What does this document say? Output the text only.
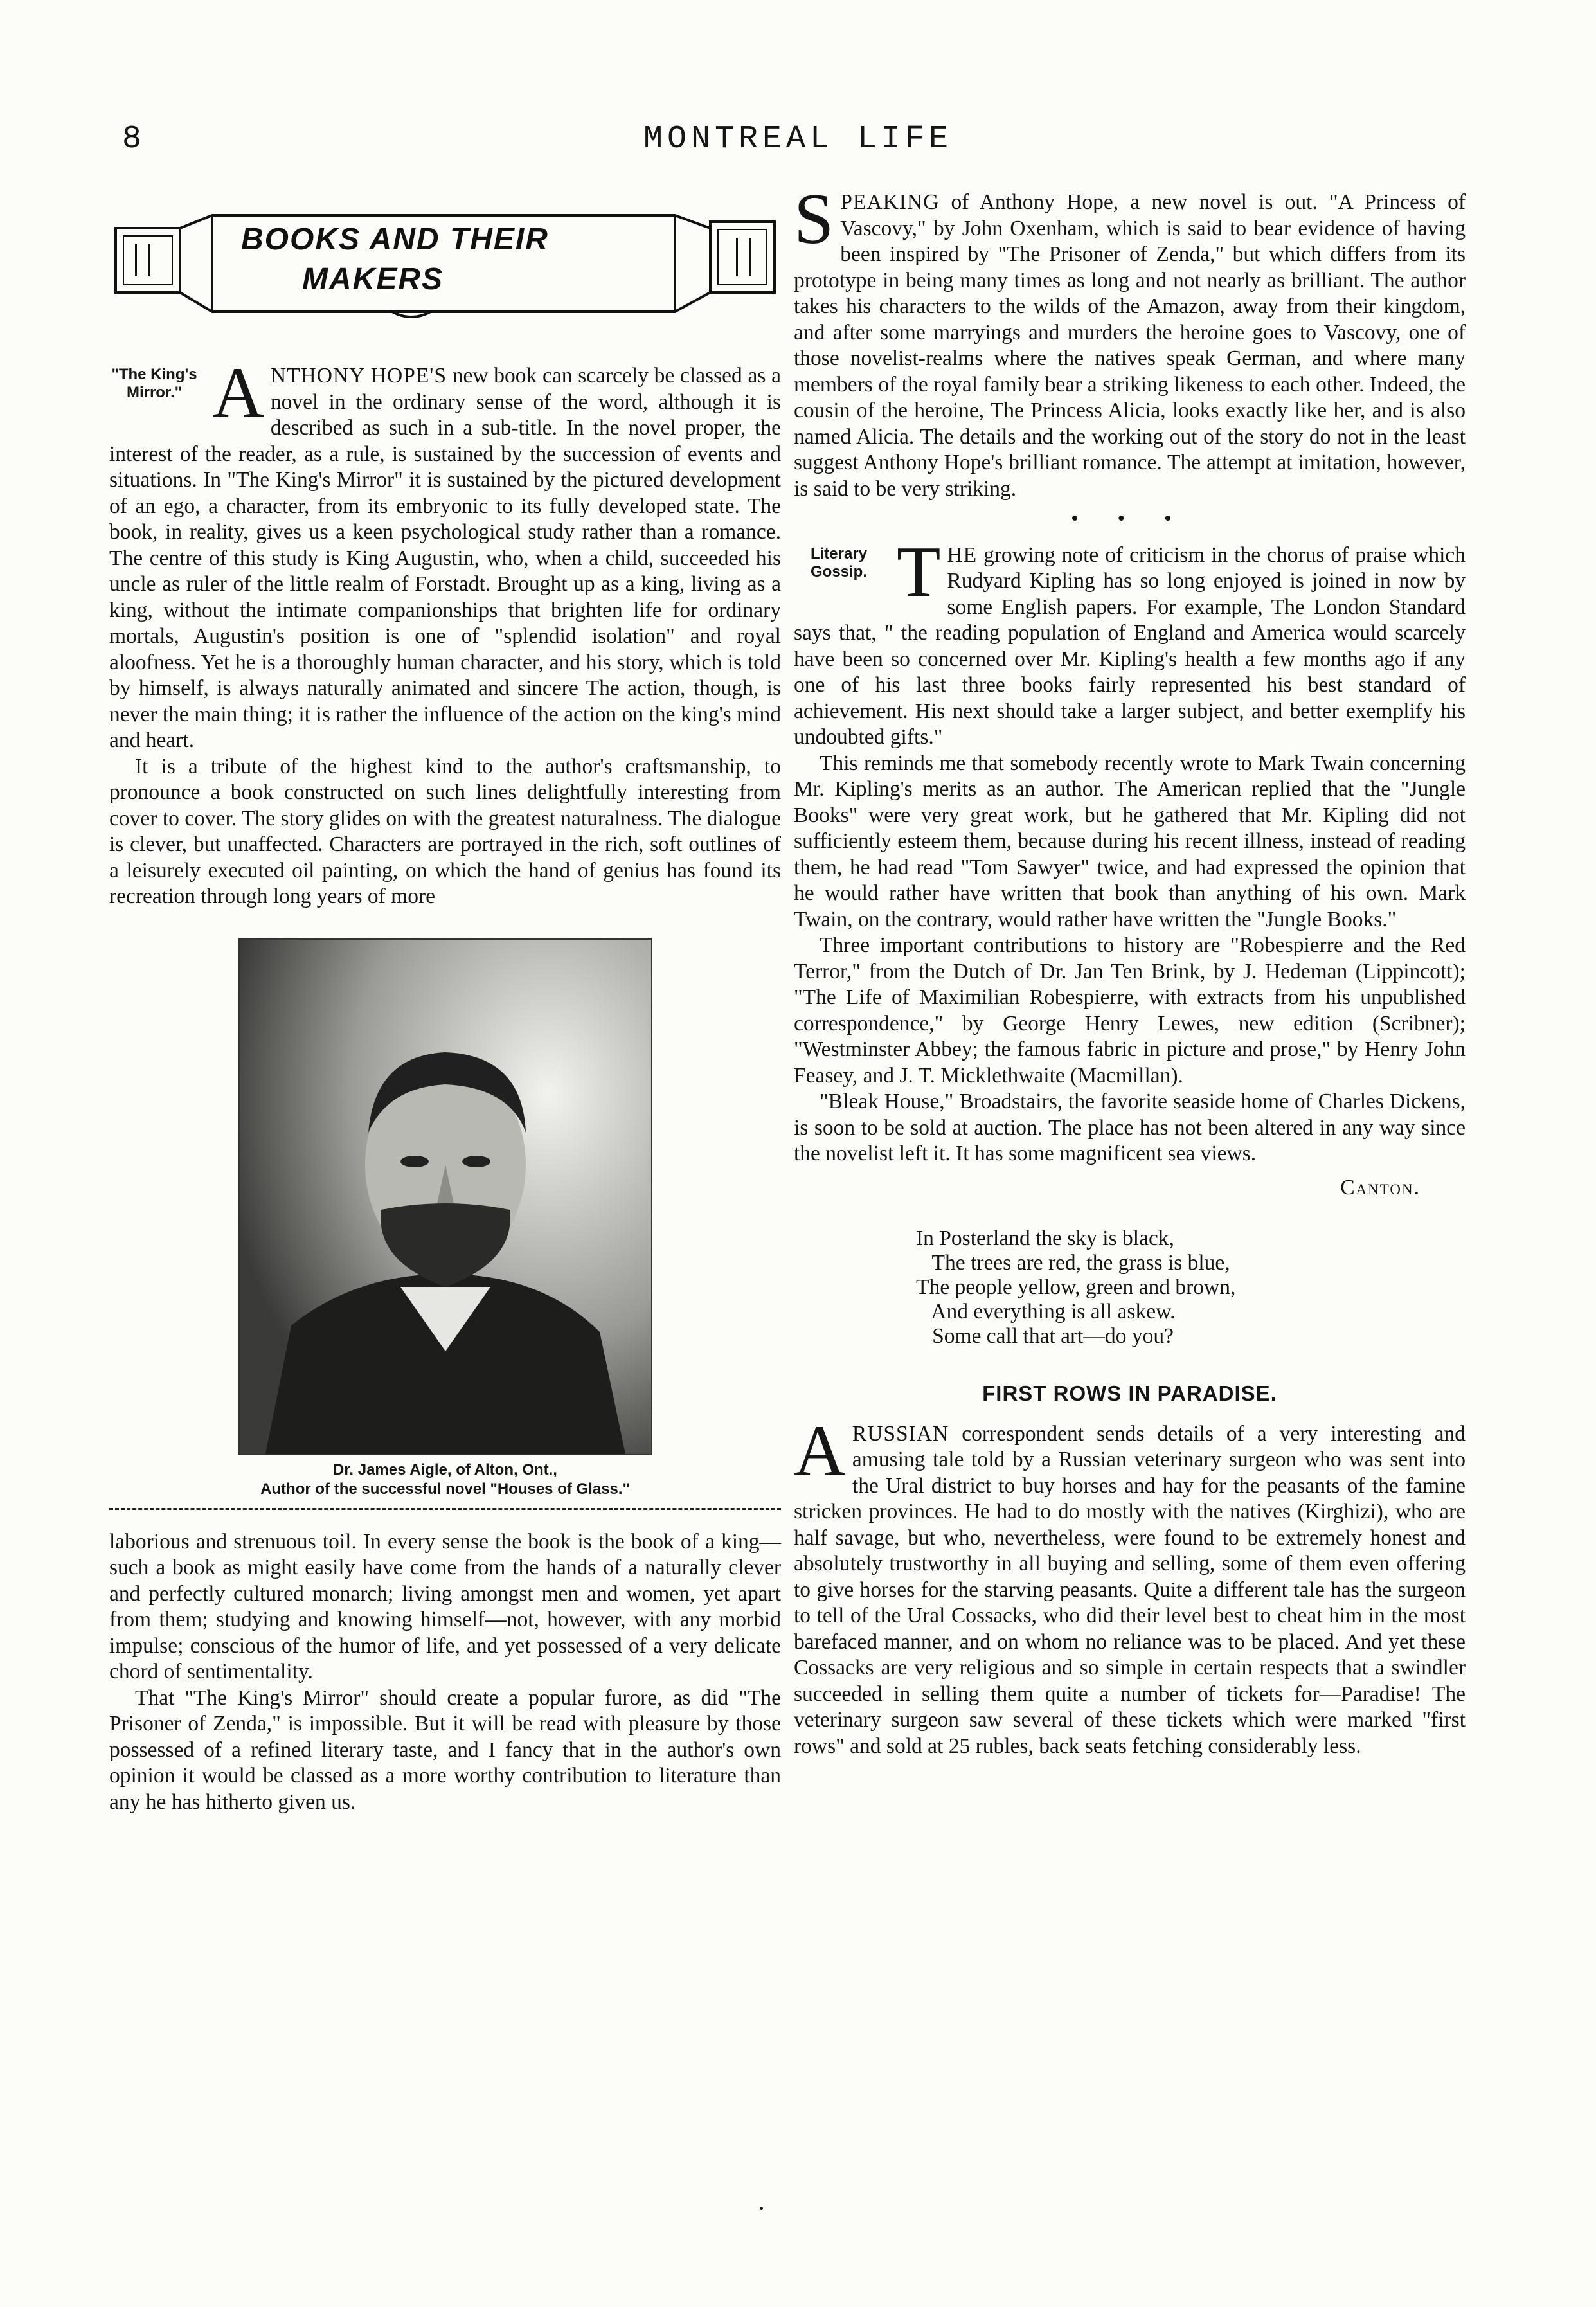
8	MONTREAL LIFE
BOOKS AND THEIR
MAKERS

"The King's Mirror." A NTHONY HOPE'S new book can scarcely be classed as a novel in the ordinary sense of the word, although it is described as such in a sub-title. In the novel proper, the interest of the reader, as a rule, is sustained by the succession of events and situations. In "The King's Mirror" it is sustained by the pictured development of an ego, a character, from its embryonic to its fully developed state. The book, in reality, gives us a keen psychological study rather than a romance. The centre of this study is King Augustin, who, when a child, succeeded his uncle as ruler of the little realm of Forstadt. Brought up as a king, living as a king, without the intimate companionships that brighten life for ordinary mortals, Augustin's position is one of "splendid isolation" and royal aloofness. Yet he is a thoroughly human character, and his story, which is told by himself, is always naturally animated and sincere The action, though, is never the main thing; it is rather the influence of the action on the king's mind and heart.

It is a tribute of the highest kind to the author's craftsmanship, to pronounce a book constructed on such lines delightfully interesting from cover to cover. The story glides on with the greatest naturalness. The dialogue is clever, but unaffected. Characters are portrayed in the rich, soft outlines of a leisurely executed oil painting, on which the hand of genius has found its recreation through long years of more

Dr. James Aigle, of Alton, Ont.,
Author of the successful novel "Houses of Glass."

laborious and strenuous toil. In every sense the book is the book of a king—such a book as might easily have come from the hands of a naturally clever and perfectly cultured monarch; living amongst men and women, yet apart from them; studying and knowing himself—not, however, with any morbid impulse; conscious of the humor of life, and yet possessed of a very delicate chord of sentimentality.

That "The King's Mirror" should create a popular furore, as did "The Prisoner of Zenda," is impossible. But it will be read with pleasure by those possessed of a refined literary taste, and I fancy that in the author's own opinion it would be classed as a more worthy contribution to literature than any he has hitherto given us.

SPEAKING of Anthony Hope, a new novel is out. "A Princess of Vascovy," by John Oxenham, which is said to bear evidence of having been inspired by "The Prisoner of Zenda," but which differs from its prototype in being many times as long and not nearly as brilliant. The author takes his characters to the wilds of the Amazon, away from their kingdom, and after some marryings and murders the heroine goes to Vascovy, one of those novelist-realms where the natives speak German, and where many members of the royal family bear a striking likeness to each other. Indeed, the cousin of the heroine, The Princess Alicia, looks exactly like her, and is also named Alicia. The details and the working out of the story do not in the least suggest Anthony Hope's brilliant romance. The attempt at imitation, however, is said to be very striking.

• • •

Literary Gossip. T HE growing note of criticism in the chorus of praise which Rudyard Kipling has so long enjoyed is joined in now by some English papers. For example, The London Standard says that, " the reading population of England and America would scarcely have been so concerned over Mr. Kipling's health a few months ago if any one of his last three books fairly represented his best standard of achievement. His next should take a larger subject, and better exemplify his undoubted gifts."

This reminds me that somebody recently wrote to Mark Twain concerning Mr. Kipling's merits as an author. The American replied that the "Jungle Books" were very great work, but he gathered that Mr. Kipling did not sufficiently esteem them, because during his recent illness, instead of reading them, he had read "Tom Sawyer" twice, and had expressed the opinion that he would rather have written that book than anything of his own. Mark Twain, on the contrary, would rather have written the "Jungle Books."

Three important contributions to history are "Robespierre and the Red Terror," from the Dutch of Dr. Jan Ten Brink, by J. Hedeman (Lippincott); "The Life of Maximilian Robespierre, with extracts from his unpublished correspondence," by George Henry Lewes, new edition (Scribner); "Westminster Abbey; the famous fabric in picture and prose," by Henry John Feasey, and J. T. Micklethwaite (Macmillan).

"Bleak House," Broadstairs, the favorite seaside home of Charles Dickens, is soon to be sold at auction. The place has not been altered in any way since the novelist left it. It has some magnificent sea views.

Canton.
In Posterland the sky is black,
The trees are red, the grass is blue,
The people yellow, green and brown,
And everything is all askew.
Some call that art—do you?
FIRST ROWS IN PARADISE.

ARUSSIAN correspondent sends details of a very interesting and amusing tale told by a Russian veterinary surgeon who was sent into the Ural district to buy horses and hay for the peasants of the famine stricken provinces. He had to do mostly with the natives (Kirghizi), who are half savage, but who, nevertheless, were found to be extremely honest and absolutely trustworthy in all buying and selling, some of them even offering to give horses for the starving peasants. Quite a different tale has the surgeon to tell of the Ural Cossacks, who did their level best to cheat him in the most barefaced manner, and on whom no reliance was to be placed. And yet these Cossacks are very religious and so simple in certain respects that a swindler succeeded in selling them quite a number of tickets for—Paradise! The veterinary surgeon saw several of these tickets which were marked "first rows" and sold at 25 rubles, back seats fetching considerably less.

·
